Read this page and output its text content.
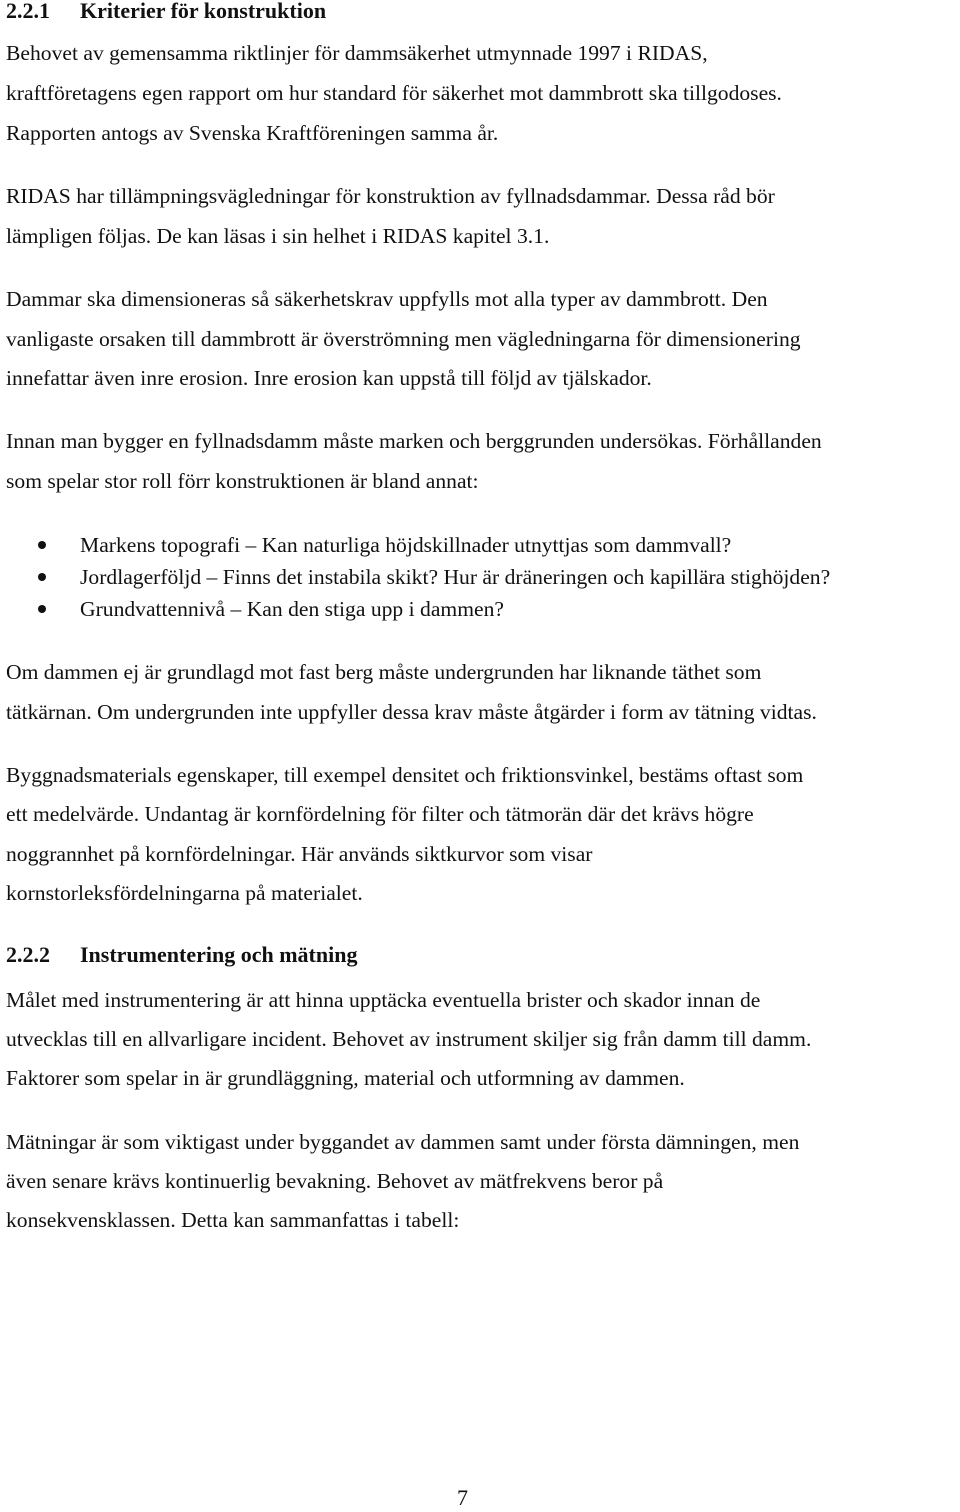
2.2.1 Kriterier för konstruktion

Behovet av gemensamma riktlinjer för dammsäkerhet utmynnade 1997 i RIDAS,

kraftföretagens egen rapport om hur standard för säkerhet mot dammbrott ska tillgodoses.

Rapporten antogs av Svenska Kraftföreningen samma år.

RIDAS har tillämpningsvägledningar för konstruktion av fyllnadsdammar. Dessa råd bör

lämpligen följas. De kan läsas i sin helhet i RIDAS kapitel 3.1.

Dammar ska dimensioneras så säkerhetskrav uppfylls mot alla typer av dammbrott. Den

vanligaste orsaken till dammbrott är överströmning men vägledningarna för dimensionering

innefattar även inre erosion. Inre erosion kan uppstå till följd av tjälskador.

Innan man bygger en fyllnadsdamm måste marken och berggrunden undersökas. Förhållanden

som spelar stor roll förr konstruktionen är bland annat:

Markens topografi – Kan naturliga höjdskillnader utnyttjas som dammvall?

Jordlagerföljd – Finns det instabila skikt? Hur är dräneringen och kapillära stighöjden?

Grundvattennivå – Kan den stiga upp i dammen?

Om dammen ej är grundlagd mot fast berg måste undergrunden har liknande täthet som

tätkärnan. Om undergrunden inte uppfyller dessa krav måste åtgärder i form av tätning vidtas.

Byggnadsmaterials egenskaper, till exempel densitet och friktionsvinkel, bestäms oftast som

ett medelvärde. Undantag är kornfördelning för filter och tätmorän där det krävs högre

noggrannhet på kornfördelningar. Här används siktkurvor som visar

kornstorleksfördelningarna på materialet.

2.2.2 Instrumentering och mätning

Målet med instrumentering är att hinna upptäcka eventuella brister och skador innan de

utvecklas till en allvarligare incident. Behovet av instrument skiljer sig från damm till damm.

Faktorer som spelar in är grundläggning, material och utformning av dammen.

Mätningar är som viktigast under byggandet av dammen samt under första dämningen, men

även senare krävs kontinuerlig bevakning. Behovet av mätfrekvens beror på

konsekvensklassen. Detta kan sammanfattas i tabell:

7
